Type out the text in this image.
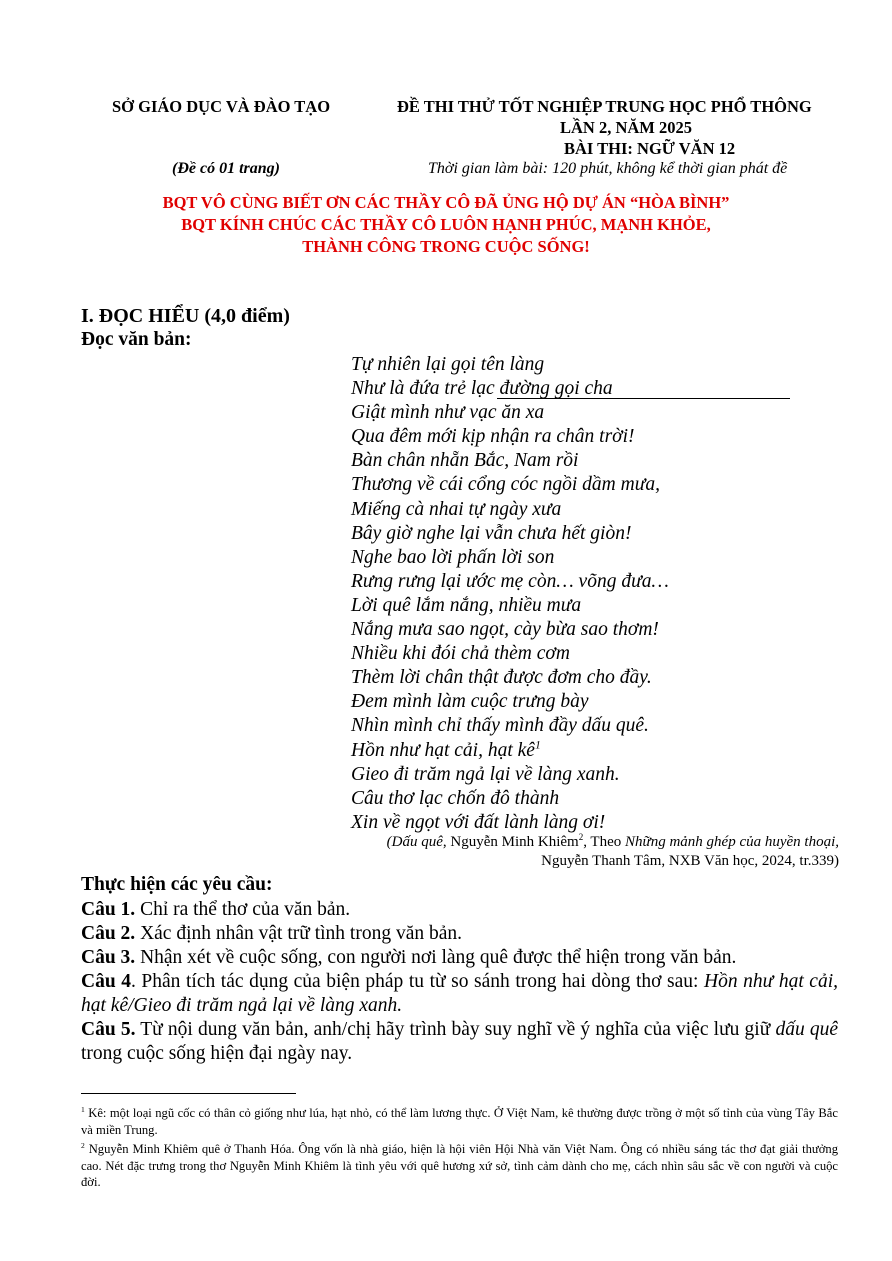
SỞ GIÁO DỤC VÀ ĐÀO TẠO	ĐỀ THI THỬ TỐT NGHIỆP TRUNG HỌC PHỔ THÔNG
LẦN 2, NĂM 2025
BÀI THI: NGỮ VĂN 12
(Đề có 01 trang)	Thời gian làm bài: 120 phút, không kể thời gian phát đề
BQT VÔ CÙNG BIẾT ƠN CÁC THẦY CÔ ĐÃ ỦNG HỘ DỰ ÁN “HÒA BÌNH”
BQT KÍNH CHÚC CÁC THẦY CÔ LUÔN HẠNH PHÚC, MẠNH KHỎE,
THÀNH CÔNG TRONG CUỘC SỐNG!
I. ĐỌC HIỂU (4,0 điểm)
Đọc văn bản:
Tự nhiên lại gọi tên làng
Như là đứa trẻ lạc đường gọi cha
Giật mình như vạc ăn xa
Qua đêm mới kịp nhận ra chân trời!
Bàn chân nhẵn Bắc, Nam rồi
Thương về cái cổng cóc ngồi dầm mưa,
Miếng cà nhai tự ngày xưa
Bây giờ nghe lại vẫn chưa hết giòn!
Nghe bao lời phấn lời son
Rưng rưng lại ước mẹ còn… võng đưa…
Lời quê lắm nắng, nhiều mưa
Nắng mưa sao ngọt, cày bừa sao thơm!
Nhiều khi đói chả thèm cơm
Thèm lời chân thật được đơm cho đầy.
Đem mình làm cuộc trưng bày
Nhìn mình chỉ thấy mình đầy dấu quê.
Hồn như hạt cải, hạt $kê^1$
Gieo đi trăm ngả lại về làng xanh.
Câu thơ lạc chốn đô thành
Xin về ngọt với đất lành làng ơi!
(Dấu quê, Nguyễn Minh Khiêm$^2$, Theo Những mảnh ghép của huyền thoại,
Nguyễn Thanh Tâm, NXB Văn học, 2024, tr.339)
Thực hiện các yêu cầu:
Câu 1. Chỉ ra thể thơ của văn bản.
Câu 2. Xác định nhân vật trữ tình trong văn bản.
Câu 3. Nhận xét về cuộc sống, con người nơi làng quê được thể hiện trong văn bản.
Câu 4. Phân tích tác dụng của biện pháp tu từ so sánh trong hai dòng thơ sau: Hồn như hạt cải, hạt kê/Gieo đi trăm ngả lại về làng xanh.
Câu 5. Từ nội dung văn bản, anh/chị hãy trình bày suy nghĩ về ý nghĩa của việc lưu giữ dấu quê trong cuộc sống hiện đại ngày nay.
$^1$ Kê: một loại ngũ cốc có thân cỏ giống như lúa, hạt nhỏ, có thể làm lương thực. Ở Việt Nam, kê thường được trồng ở một số tỉnh của vùng Tây Bắc và miền Trung.
$^2$ Nguyễn Minh Khiêm quê ở Thanh Hóa. Ông vốn là nhà giáo, hiện là hội viên Hội Nhà văn Việt Nam. Ông có nhiều sáng tác thơ đạt giải thưởng cao. Nét đặc trưng trong thơ Nguyễn Minh Khiêm là tình yêu với quê hương xứ sở, tình cảm dành cho mẹ, cách nhìn sâu sắc về con người và cuộc đời.
